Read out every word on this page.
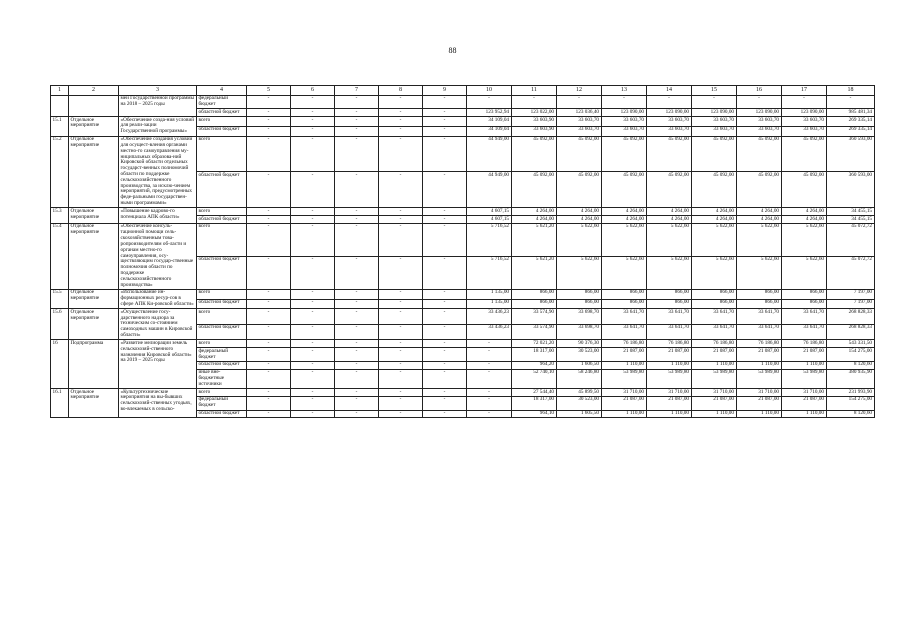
88
1	2	3	4	5	6	7	8	9	10	11	12	13	14	15	16	17	18
		мей Государственной программы на 2018 – 2025 годы	федеральный бюджет	-	-	-	-	-	-	-	-	-	-	-	-	-	-
			областной бюджет	-	-	-	-	-	123 952,94	123 022,00	123 036,40	123 090,00	123 090,00	123 090,00	123 090,00	123 090,00	985 481,34
15.1	Отдельное мероприятие	«Обеспечение созда-ния условий для реали-зации Государственной программы»	всего	-	-	-	-	-	34 109,04	33 603,90	33 603,70	33 603,70	33 603,70	33 603,70	33 603,70	33 603,70	269 335,14
			областной бюджет	-	-	-	-	-	34 109,04	33 603,90	33 603,70	33 603,70	33 603,70	33 603,70	33 603,70	33 603,70	269 335,14
15.2	Отдельное мероприятие	«Обеспечение создания условий для осущест-вления органами местно-го самоуправления му-ниципальных образова-ний Кировской области отдельных государст-венных полномочий области по поддержке сельскохозяйственного производства, за исклю-чением мероприятий, предусмотренных феде-ральными государствен-ными программами»	всего	-	-	-	-	-	44 949,00	45 092,00	45 092,00	45 092,00	45 092,00	45 092,00	45 092,00	45 092,00	360 593,00
			областной бюджет	-	-	-	-	-	44 949,00	45 092,00	45 092,00	45 092,00	45 092,00	45 092,00	45 092,00	45 092,00	360 593,00
15.3	Отдельное мероприятие	«Повышение кадрово-го потенциала АПК области»	всего	-	-	-	-	-	4 607,15	4 264,00	4 264,00	4 264,00	4 264,00	4 264,00	4 264,00	4 264,00	34 455,15
			областной бюджет	-	-	-	-	-	4 607,15	4 264,00	4 264,00	4 264,00	4 264,00	4 264,00	4 264,00	4 264,00	34 455,15
15.4	Отдельное мероприятие	«Обеспечение консуль-тационной помощи сель-скохозяйственным това-ропроизводителям об-ласти и органам местно-го самоуправления, осу-ществляющим государ-ственные полномочия области по поддержке сельскохозяйственного производства»	всего	-	-	-	-	-	5 716,52	5 621,20	5 622,60	5 622,60	5 622,60	5 622,60	5 622,60	5 622,60	45 072,72
			областной бюджет	-	-	-	-	-	5 716,52	5 621,20	5 622,60	5 622,60	5 622,60	5 622,60	5 622,60	5 622,60	45 072,72
15.5	Отдельное мероприятие	«Использование ин-формационных ресур-сов в сфере АПК Ки-ровской области»	всего	-	-	-	-	-	1 135,00	866,00	866,00	866,00	866,00	866,00	866,00	866,00	7 197,00
			областной бюджет	-	-	-	-	-	1 135,00	866,00	866,00	866,00	866,00	866,00	866,00	866,00	7 197,00
15.6	Отдельное мероприятие	«Осуществление госу-дарственного надзора за техническим со-стоянием самоходных машин в Кировской области»	всего	-	-	-	-	-	33 436,23	33 574,90	33 698,70	33 641,70	33 641,70	33 641,70	33 641,70	33 641,70	268 828,33
			областной бюджет	-	-	-	-	-	33 436,23	33 574,90	33 698,70	33 641,70	33 641,70	33 641,70	33 641,70	33 641,70	268 828,33
16	Подпрограмма	«Развитие мелиорации земель сельскохозяй-ственного назначения Кировской области» на 2019 – 2025 годы	всего	-	-	-	-	-	-	72 021,20	90 376,30	76 186,80	76 186,80	76 186,80	76 186,80	76 186,80	543 331,50
			федеральный бюджет	-	-	-	-	-	-	18 317,00	30 523,00	21 087,00	21 087,00	21 087,00	21 087,00	21 087,00	154 275,00
			областной бюджет	-	-	-	-	-	-	964,20	1 606,50	1 110,00	1 110,00	1 110,00	1 110,00	1 110,00	8 120,60
			иные вне-бюджетные источники	-	-	-	-	-	-	52 740,10	58 246,80	53 989,80	53 989,80	53 989,80	53 989,80	53 989,80	380 935,90
16.1	Отдельное мероприятие	«Культуртехнические мероприятия на вы-бывших сельскохозяй-ственных угодьях, во-влекаемых в сельско-	всего	-	-	-	-	-	-	27 544,40	45 899,50	31 710,00	31 710,00	31 710,00	31 710,00	31 710,00	231 993,90
			федеральный бюджет	-	-	-	-	-	-	18 317,00	30 523,00	21 087,00	21 087,00	21 087,00	21 087,00	21 087,00	154 275,00
			областной бюджет	-	-	-	-	-	-	964,10	1 605,50	1 110,00	1 110,00	1 110,00	1 110,00	1 110,00	8 120,60
